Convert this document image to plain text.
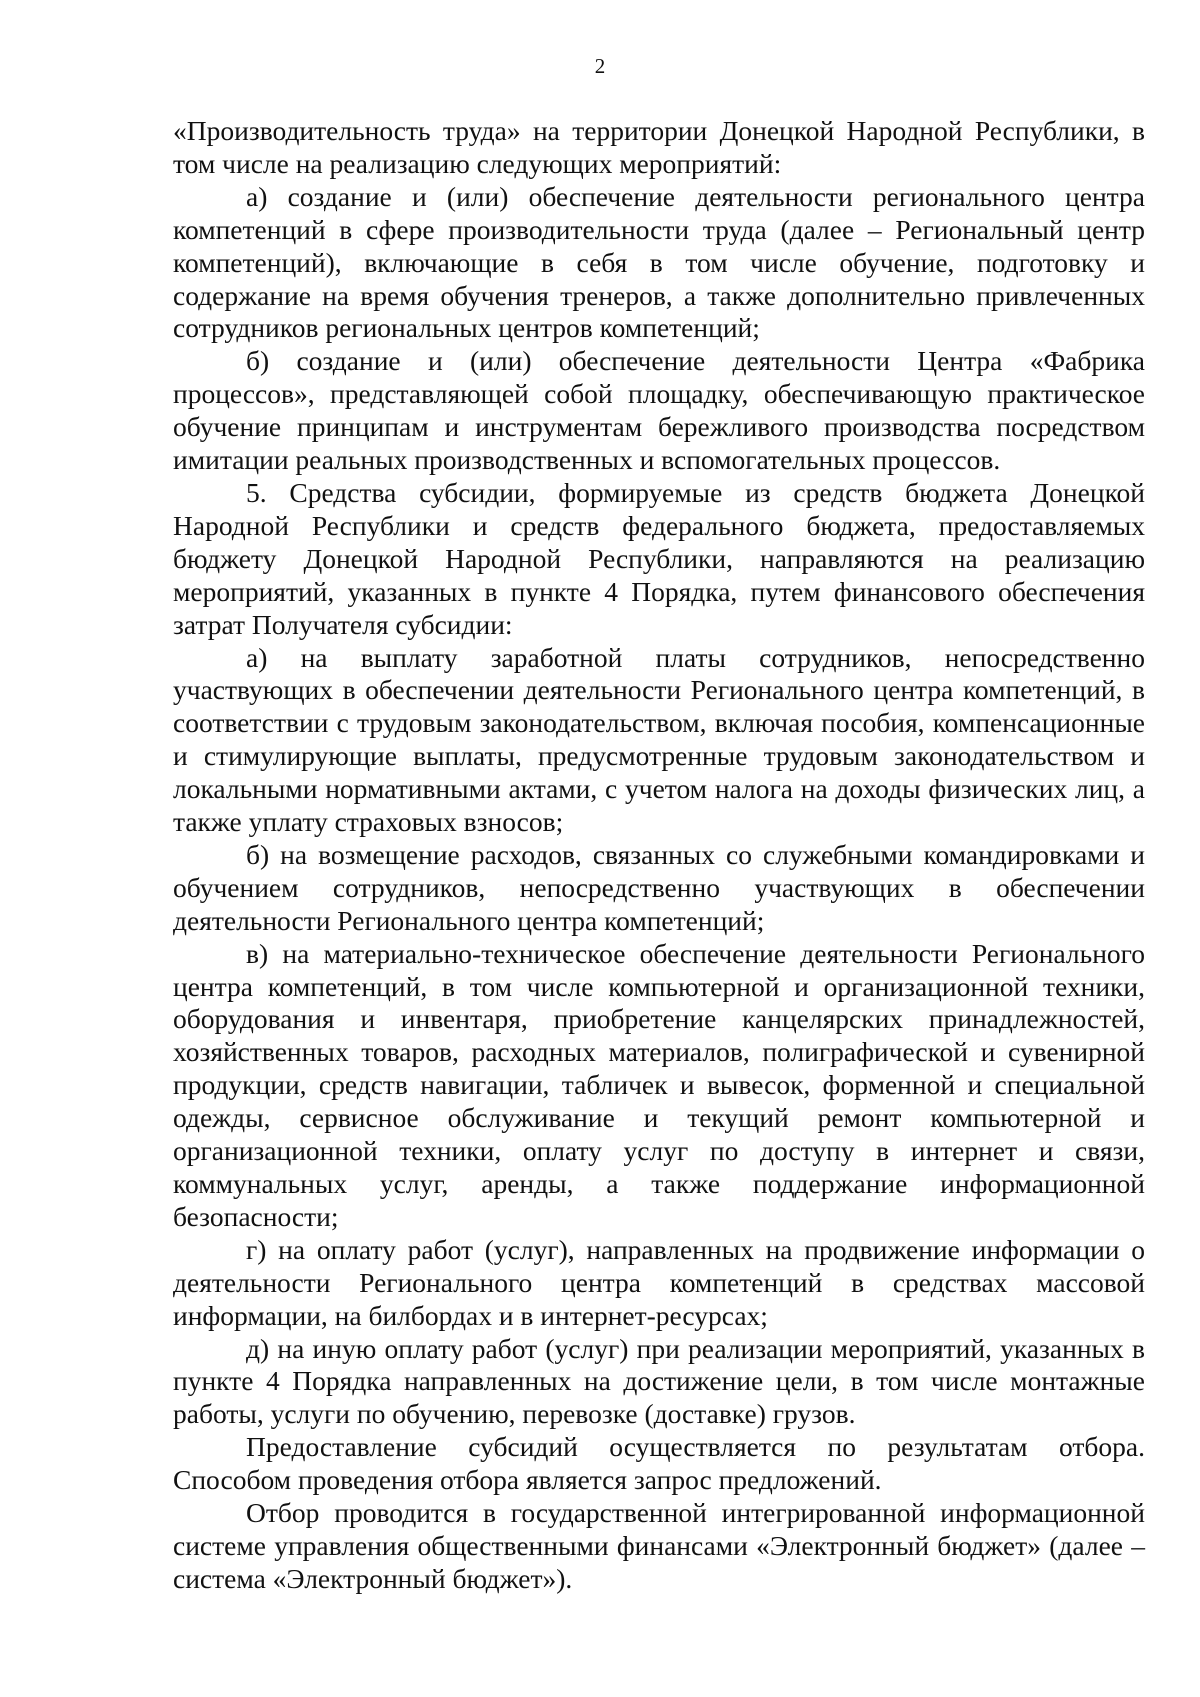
2

«Производительность труда» на территории Донецкой Народной Республики, в том числе на реализацию следующих мероприятий:

а) создание и (или) обеспечение деятельности регионального центра компетенций в сфере производительности труда (далее – Региональный центр компетенций), включающие в себя в том числе обучение, подготовку и содержание на время обучения тренеров, а также дополнительно привлеченных сотрудников региональных центров компетенций;

б) создание и (или) обеспечение деятельности Центра «Фабрика процессов», представляющей собой площадку, обеспечивающую практическое обучение принципам и инструментам бережливого производства посредством имитации реальных производственных и вспомогательных процессов.

5. Средства субсидии, формируемые из средств бюджета Донецкой Народной Республики и средств федерального бюджета, предоставляемых бюджету Донецкой Народной Республики, направляются на реализацию мероприятий, указанных в пункте 4 Порядка, путем финансового обеспечения затрат Получателя субсидии:

а) на выплату заработной платы сотрудников, непосредственно участвующих в обеспечении деятельности Регионального центра компетенций, в соответствии с трудовым законодательством, включая пособия, компенсационные и стимулирующие выплаты, предусмотренные трудовым законодательством и локальными нормативными актами, с учетом налога на доходы физических лиц, а также уплату страховых взносов;

б) на возмещение расходов, связанных со служебными командировками и обучением сотрудников, непосредственно участвующих в обеспечении деятельности Регионального центра компетенций;

в) на материально-техническое обеспечение деятельности Регионального центра компетенций, в том числе компьютерной и организационной техники, оборудования и инвентаря, приобретение канцелярских принадлежностей, хозяйственных товаров, расходных материалов, полиграфической и сувенирной продукции, средств навигации, табличек и вывесок, форменной и специальной одежды, сервисное обслуживание и текущий ремонт компьютерной и организационной техники, оплату услуг по доступу в интернет и связи, коммунальных услуг, аренды, а также поддержание информационной безопасности;

г) на оплату работ (услуг), направленных на продвижение информации о деятельности Регионального центра компетенций в средствах массовой информации, на билбордах и в интернет-ресурсах;

д) на иную оплату работ (услуг) при реализации мероприятий, указанных в пункте 4 Порядка направленных на достижение цели, в том числе монтажные работы, услуги по обучению, перевозке (доставке) грузов.

Предоставление субсидий осуществляется по результатам отбора. Способом проведения отбора является запрос предложений.

Отбор проводится в государственной интегрированной информационной системе управления общественными финансами «Электронный бюджет» (далее – система «Электронный бюджет»).
